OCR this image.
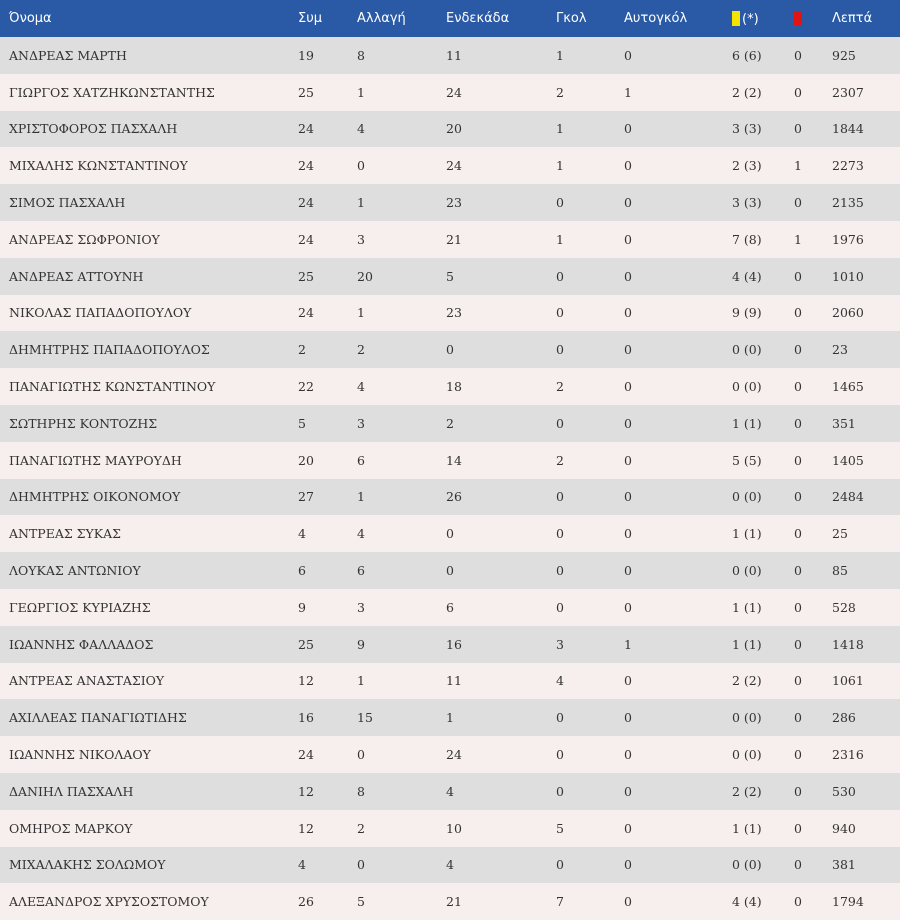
Όνομα	Συμ	Αλλαγή	Ενδεκάδα	Γκολ	Αυτογκόλ	(*)		Λεπτά
ΑΝΔΡΕΑΣ ΜΑΡΤΗ	19	8	11	1	0	6 (6)	0	925
ΓΙΩΡΓΟΣ ΧΑΤΖΗΚΩΝΣΤΑΝΤΗΣ	25	1	24	2	1	2 (2)	0	2307
ΧΡΙΣΤΟΦΟΡΟΣ ΠΑΣΧΑΛΗ	24	4	20	1	0	3 (3)	0	1844
ΜΙΧΑΛΗΣ ΚΩΝΣΤΑΝΤΙΝΟΥ	24	0	24	1	0	2 (3)	1	2273
ΣΙΜΟΣ ΠΑΣΧΑΛΗ	24	1	23	0	0	3 (3)	0	2135
ΑΝΔΡΕΑΣ ΣΩΦΡΟΝΙΟΥ	24	3	21	1	0	7 (8)	1	1976
ΑΝΔΡΕΑΣ ΑΤΤΟΥΝΗ	25	20	5	0	0	4 (4)	0	1010
ΝΙΚΟΛΑΣ ΠΑΠΑΔΟΠΟΥΛΟΥ	24	1	23	0	0	9 (9)	0	2060
ΔΗΜΗΤΡΗΣ ΠΑΠΑΔΟΠΟΥΛΟΣ	2	2	0	0	0	0 (0)	0	23
ΠΑΝΑΓΙΩΤΗΣ ΚΩΝΣΤΑΝΤΙΝΟΥ	22	4	18	2	0	0 (0)	0	1465
ΣΩΤΗΡΗΣ ΚΟΝΤΟΖΗΣ	5	3	2	0	0	1 (1)	0	351
ΠΑΝΑΓΙΩΤΗΣ ΜΑΥΡΟΥΔΗ	20	6	14	2	0	5 (5)	0	1405
ΔΗΜΗΤΡΗΣ ΟΙΚΟΝΟΜΟΥ	27	1	26	0	0	0 (0)	0	2484
ΑΝΤΡΕΑΣ ΣΥΚΑΣ	4	4	0	0	0	1 (1)	0	25
ΛΟΥΚΑΣ ΑΝΤΩΝΙΟΥ	6	6	0	0	0	0 (0)	0	85
ΓΕΩΡΓΙΟΣ ΚΥΡΙΑΖΗΣ	9	3	6	0	0	1 (1)	0	528
ΙΩΑΝΝΗΣ ΦΑΛΛΑΔΟΣ	25	9	16	3	1	1 (1)	0	1418
ΑΝΤΡΕΑΣ ΑΝΑΣΤΑΣΙΟΥ	12	1	11	4	0	2 (2)	0	1061
ΑΧΙΛΛΕΑΣ ΠΑΝΑΓΙΩΤΙΔΗΣ	16	15	1	0	0	0 (0)	0	286
ΙΩΑΝΝΗΣ ΝΙΚΟΛΑΟΥ	24	0	24	0	0	0 (0)	0	2316
ΔΑΝΙΗΛ ΠΑΣΧΑΛΗ	12	8	4	0	0	2 (2)	0	530
ΟΜΗΡΟΣ ΜΑΡΚΟΥ	12	2	10	5	0	1 (1)	0	940
ΜΙΧΑΛΑΚΗΣ ΣΟΛΩΜΟΥ	4	0	4	0	0	0 (0)	0	381
ΑΛΕΞΑΝΔΡΟΣ ΧΡΥΣΟΣΤΟΜΟΥ	26	5	21	7	0	4 (4)	0	1794
